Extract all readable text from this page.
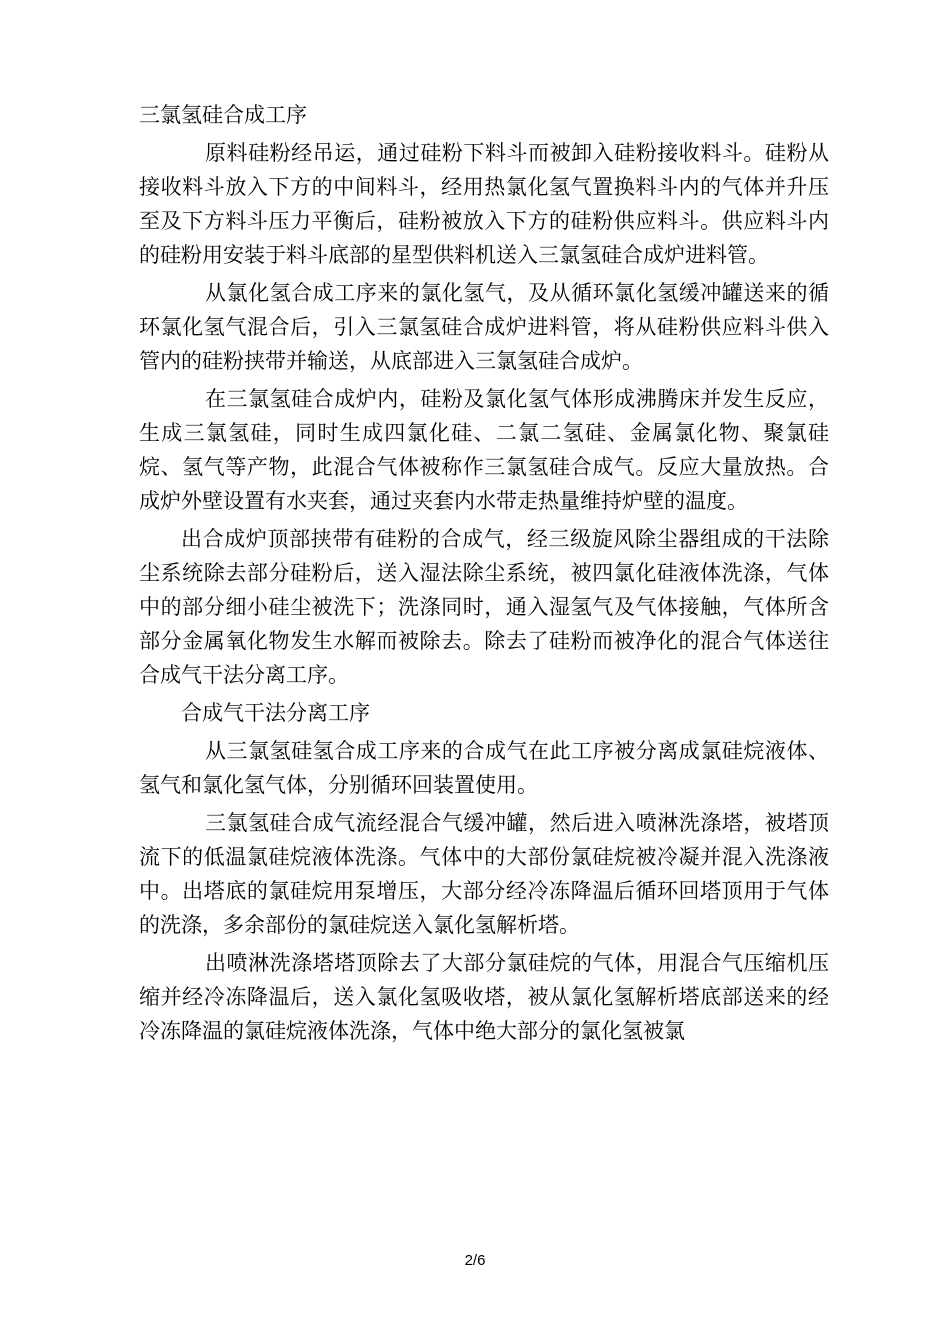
三氯氢硅合成工序

原料硅粉经吊运，通过硅粉下料斗而被卸入硅粉接收料斗。硅粉从接收料斗放入下方的中间料斗，经用热氯化氢气置换料斗内的气体并升压至及下方料斗压力平衡后，硅粉被放入下方的硅粉供应料斗。供应料斗内的硅粉用安装于料斗底部的星型供料机送入三氯氢硅合成炉进料管。

从氯化氢合成工序来的氯化氢气，及从循环氯化氢缓冲罐送来的循环氯化氢气混合后，引入三氯氢硅合成炉进料管，将从硅粉供应料斗供入管内的硅粉挟带并输送，从底部进入三氯氢硅合成炉。

在三氯氢硅合成炉内，硅粉及氯化氢气体形成沸腾床并发生反应，生成三氯氢硅，同时生成四氯化硅、二氯二氢硅、金属氯化物、聚氯硅烷、氢气等产物，此混合气体被称作三氯氢硅合成气。反应大量放热。合成炉外壁设置有水夹套，通过夹套内水带走热量维持炉壁的温度。

出合成炉顶部挟带有硅粉的合成气，经三级旋风除尘器组成的干法除尘系统除去部分硅粉后，送入湿法除尘系统，被四氯化硅液体洗涤，气体中的部分细小硅尘被洗下；洗涤同时，通入湿氢气及气体接触，气体所含部分金属氧化物发生水解而被除去。除去了硅粉而被净化的混合气体送往合成气干法分离工序。

合成气干法分离工序

从三氯氢硅氢合成工序来的合成气在此工序被分离成氯硅烷液体、氢气和氯化氢气体，分别循环回装置使用。

三氯氢硅合成气流经混合气缓冲罐，然后进入喷淋洗涤塔，被塔顶流下的低温氯硅烷液体洗涤。气体中的大部份氯硅烷被冷凝并混入洗涤液中。出塔底的氯硅烷用泵增压，大部分经冷冻降温后循环回塔顶用于气体的洗涤，多余部份的氯硅烷送入氯化氢解析塔。

出喷淋洗涤塔塔顶除去了大部分氯硅烷的气体，用混合气压缩机压缩并经冷冻降温后，送入氯化氢吸收塔，被从氯化氢解析塔底部送来的经冷冻降温的氯硅烷液体洗涤，气体中绝大部分的氯化氢被氯

2/6
